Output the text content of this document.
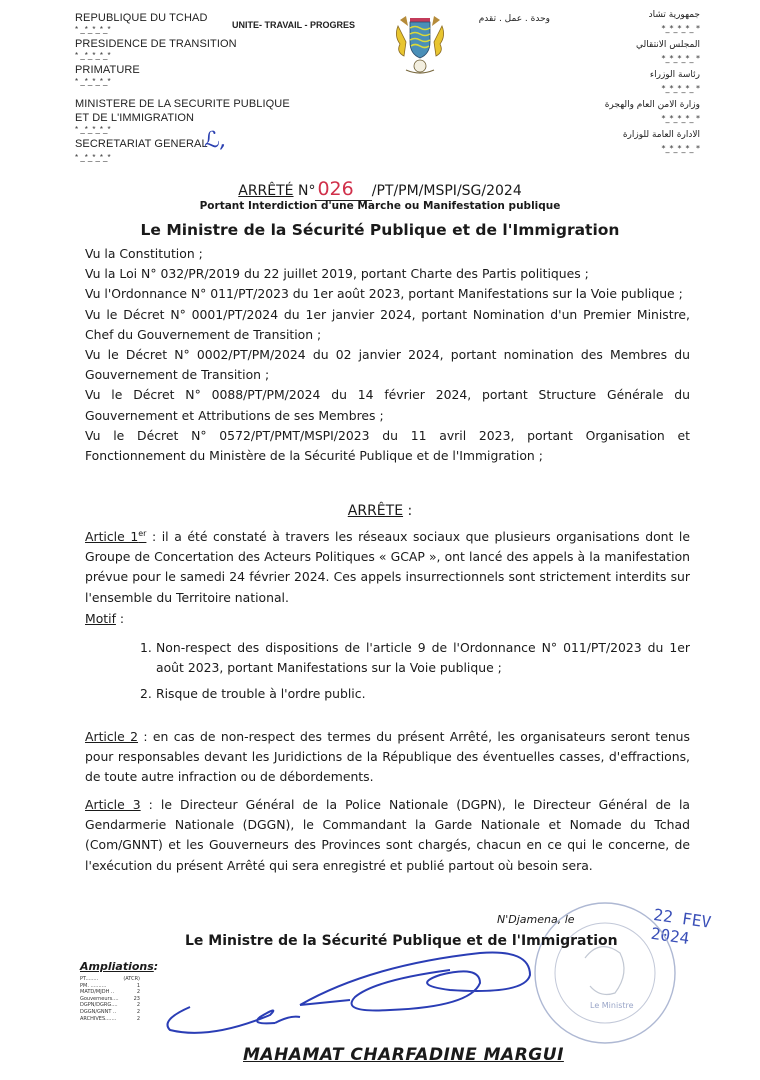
REPUBLIQUE DU TCHAD
* _*_*_*_*
PRESIDENCE DE TRANSITION
* _*_*_*_*
PRIMATURE
* _*_*_*_*
MINISTERE DE LA SECURITE PUBLIQUE
ET DE L'IMMIGRATION
* _*_*_*_*
SECRETARIAT GENERAL
ℒ,
* _*_*_*_*
UNITE- TRAVAIL - PROGRES
وحدة . عمل . تقدم	جمهورية تشاد
*_*_*_*_ *
المجلس الانتقالي
*_*_*_*_ *
رئاسة الوزراء
*_*_*_*_ *
وزارة الامن العام والهجرة
*_*_*_*_ *
الادارة العامة للوزارة
*_*_*_*_ *
ARRÊTÉ N° 026 /PT/PM/MSPI/SG/2024
Portant Interdiction d'une Marche ou Manifestation publique
Le Ministre de la Sécurité Publique et de l'Immigration

Vu la Constitution ;

Vu la Loi N° 032/PR/2019 du 22 juillet 2019, portant Charte des Partis politiques ;

Vu l'Ordonnance N° 011/PT/2023 du 1er août 2023, portant Manifestations sur la Voie publique ;

Vu le Décret N° 0001/PT/2024 du 1er janvier 2024, portant Nomination d'un Premier Ministre, Chef du Gouvernement de Transition ;

Vu le Décret N° 0002/PT/PM/2024 du 02 janvier 2024, portant nomination des Membres du Gouvernement de Transition ;

Vu le Décret N° 0088/PT/PM/2024 du 14 février 2024, portant Structure Générale du Gouvernement et Attributions de ses Membres ;

Vu le Décret N° 0572/PT/PMT/MSPI/2023 du 11 avril 2023, portant Organisation et Fonctionnement du Ministère de la Sécurité Publique et de l'Immigration ;

ARRÊTE :

Article 1er : il a été constaté à travers les réseaux sociaux que plusieurs organisations dont le Groupe de Concertation des Acteurs Politiques « GCAP », ont lancé des appels à la manifestation prévue pour le samedi 24 février 2024. Ces appels insurrectionnels sont strictement interdits sur l'ensemble du Territoire national.

Motif :
1. Non-respect des dispositions de l'article 9 de l'Ordonnance N° 011/PT/2023 du 1er août 2023, portant Manifestations sur la Voie publique ;

2. Risque de trouble à l'ordre public.

Article 2 : en cas de non-respect des termes du présent Arrêté, les organisateurs seront tenus pour responsables devant les Juridictions de la République des éventuelles casses, d'effractions, de toute autre infraction ou de débordements.

Article 3 : le Directeur Général de la Police Nationale (DGPN), le Directeur Général de la Gendarmerie Nationale (DGGN), le Commandant la Garde Nationale et Nomade du Tchad (Com/GNNT) et les Gouverneurs des Provinces sont chargés, chacun en ce qui le concerne, de l'exécution du présent Arrêté qui sera enregistré et publié partout où besoin sera.

N'Djamena, le	22 FEV 2024
Le Ministre
Le Ministre de la Sécurité Publique et de l'Immigration
Ampliations:
PT........	(ATCR)
PM. ..........	1
MATD/MJDH ..	2
Gouverneurs....	23
DGPN/DGRG....	2
DGGN/GNNT ..	2
ARCHIVES.......	2
MAHAMAT CHARFADINE MARGUI
